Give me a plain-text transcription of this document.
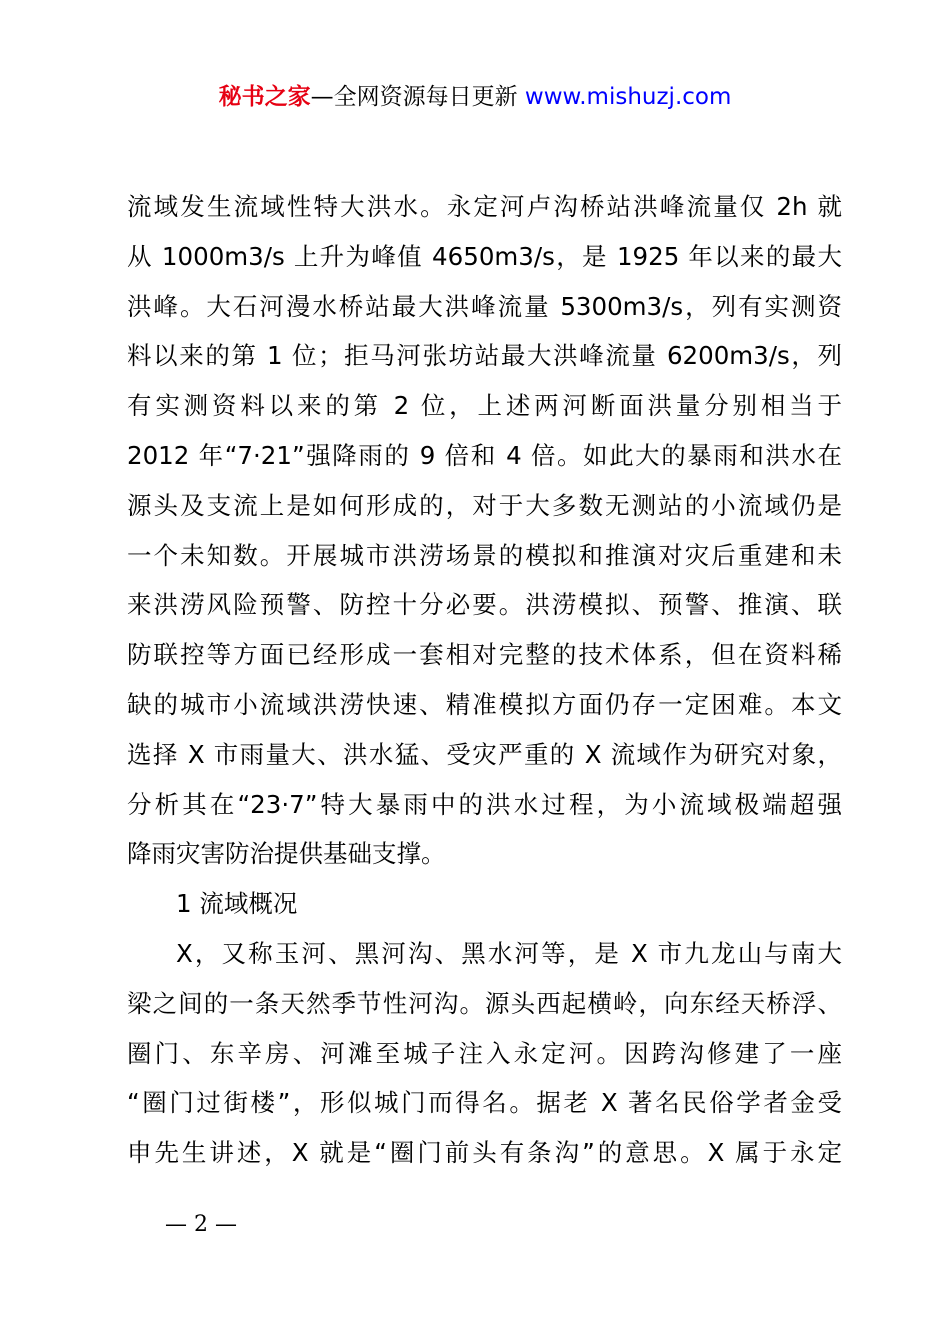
秘书之家—全网资源每日更新 www.mishuzj.com
流域发生流域性特大洪水。永定河卢沟桥站洪峰流量仅 2h 就
从 1000m3/s 上升为峰值 4650m3/s，是 1925 年以来的最大
洪峰。大石河漫水桥站最大洪峰流量 5300m3/s，列有实测资
料以来的第 1 位；拒马河张坊站最大洪峰流量 6200m3/s，列
有实测资料以来的第 2 位，上述两河断面洪量分别相当于
2012 年“7·21”强降雨的 9 倍和 4 倍。如此大的暴雨和洪水在
源头及支流上是如何形成的，对于大多数无测站的小流域仍是
一个未知数。开展城市洪涝场景的模拟和推演对灾后重建和未
来洪涝风险预警、防控十分必要。洪涝模拟、预警、推演、联
防联控等方面已经形成一套相对完整的技术体系，但在资料稀
缺的城市小流域洪涝快速、精准模拟方面仍存一定困难。本文
选择 X 市雨量大、洪水猛、受灾严重的 X 流域作为研究对象，
分析其在“23·7”特大暴雨中的洪水过程，为小流域极端超强
降雨灾害防治提供基础支撑。
1 流域概况
X，又称玉河、黑河沟、黑水河等，是 X 市九龙山与南大
梁之间的一条天然季节性河沟。源头西起横岭，向东经天桥浮、
圈门、东辛房、河滩至城子注入永定河。因跨沟修建了一座
“圈门过街楼”，形似城门而得名。据老 X 著名民俗学者金受
申先生讲述，X 就是“圈门前头有条沟”的意思。X 属于永定
— 2 —
